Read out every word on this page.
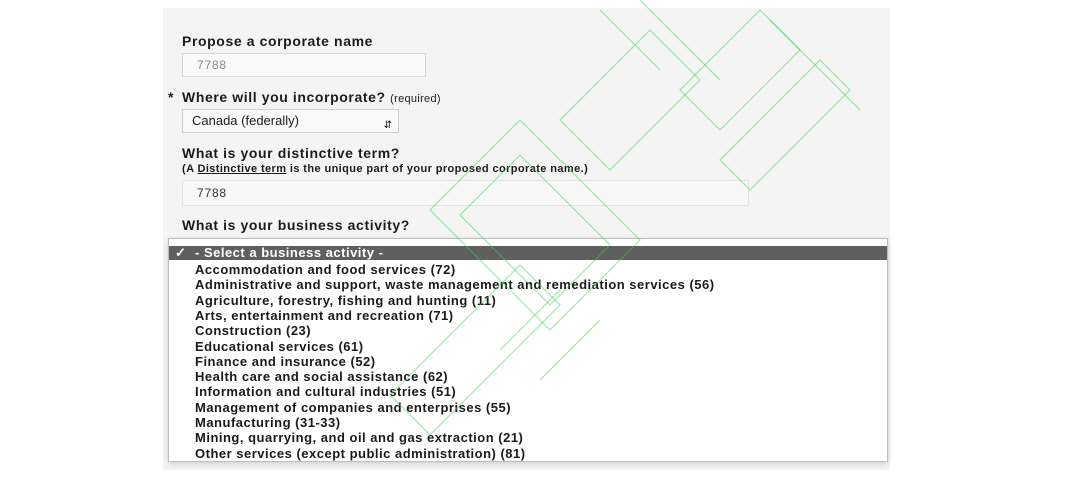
Propose a corporate name
7788
* Where will you incorporate? (required)
Canada (federally)	⇵
What is your distinctive term?
(A Distinctive term is the unique part of your proposed corporate name.)
7788
What is your business activity?
✓ - Select a business activity -
Accommodation and food services (72)
Administrative and support, waste management and remediation services (56)
Agriculture, forestry, fishing and hunting (11)
Arts, entertainment and recreation (71)
Construction (23)
Educational services (61)
Finance and insurance (52)
Health care and social assistance (62)
Information and cultural industries (51)
Management of companies and enterprises (55)
Manufacturing (31-33)
Mining, quarrying, and oil and gas extraction (21)
Other services (except public administration) (81)
